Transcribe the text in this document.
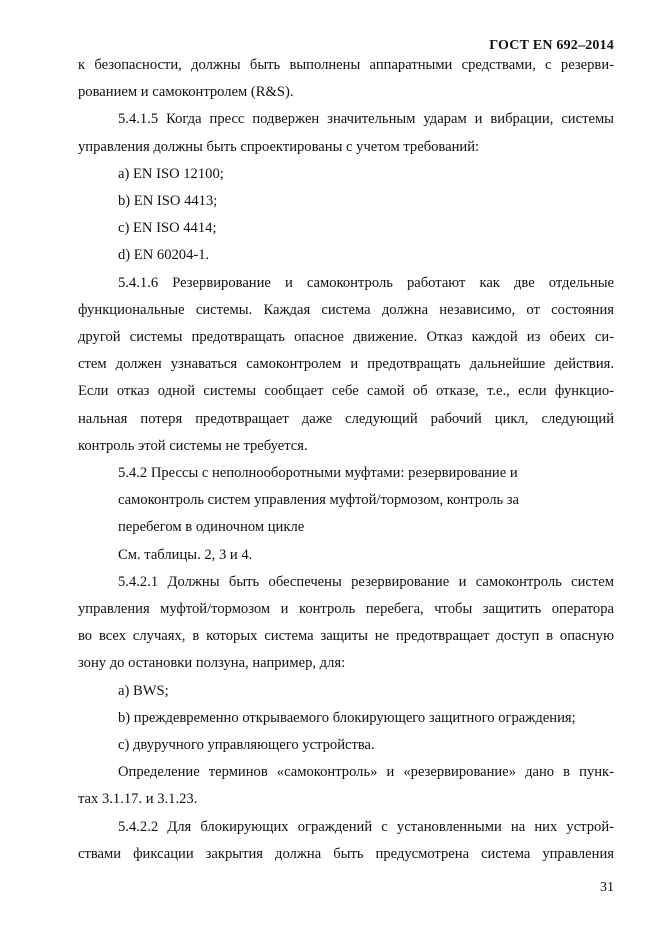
ГОСТ EN 692–2014

к безопасности, должны быть выполнены аппаратными средствами, с резерви-

рованием и самоконтролем (R&S).

5.4.1.5 Когда пресс подвержен значительным ударам и вибрации, системы

управления должны быть спроектированы с учетом требований:

a) EN ISO 12100;

b) EN ISO 4413;

c) EN ISO 4414;

d) EN 60204-1.

5.4.1.6 Резервирование и самоконтроль работают как две отдельные

функциональные системы. Каждая система должна независимо, от состояния

другой системы предотвращать опасное движение. Отказ каждой из обеих си-

стем должен узнаваться самоконтролем и предотвращать дальнейшие действия.

Если отказ одной системы сообщает себе самой об отказе, т.е., если функцио-

нальная потеря предотвращает даже следующий рабочий цикл, следующий

контроль этой системы не требуется.

5.4.2 Прессы с неполнооборотными муфтами: резервирование и

самоконтроль систем управления муфтой/тормозом, контроль за

перебегом в одиночном цикле

См. таблицы. 2, 3 и 4.

5.4.2.1 Должны быть обеспечены резервирование и самоконтроль систем

управления муфтой/тормозом и контроль перебега, чтобы защитить оператора

во всех случаях, в которых система защиты не предотвращает доступ в опасную

зону до остановки ползуна, например, для:

a) BWS;

b) преждевременно открываемого блокирующего защитного ограждения;

c) двуручного управляющего устройства.

Определение терминов «самоконтроль» и «резервирование» дано в пунк-

тах 3.1.17. и 3.1.23.

5.4.2.2 Для блокирующих ограждений с установленными на них устрой-

ствами фиксации закрытия должна быть предусмотрена система управления

31
